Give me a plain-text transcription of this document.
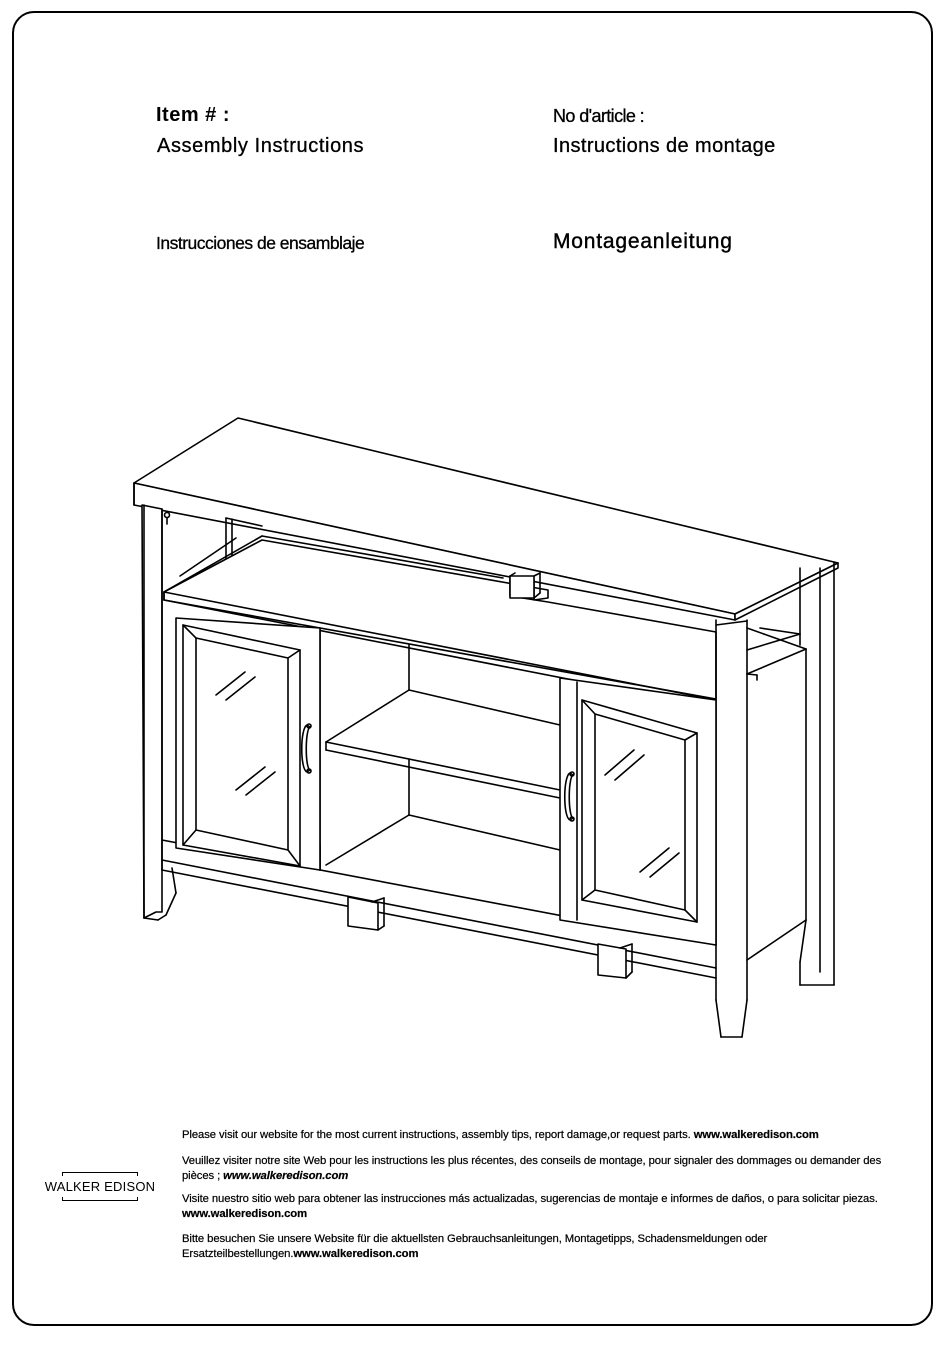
Item # :	No d'article :
Assembly Instructions	Instructions de montage
Instrucciones de ensamblaje	Montageanleitung
WALKER EDISON
Please visit our website for the most current instructions, assembly tips, report damage,or request parts. www.walkeredison.com
Veuillez visiter notre site Web pour les instructions les plus récentes, des conseils de montage, pour signaler des dommages ou demander des pièces ; www.walkeredison.com
Visite nuestro sitio web para obtener las instrucciones más actualizadas, sugerencias de montaje e informes de daños, o para solicitar piezas. www.walkeredison.com
Bitte besuchen Sie unsere Website für die aktuellsten Gebrauchsanleitungen, Montagetipps, Schadensmeldungen oder Ersatzteilbestellungen.www.walkeredison.com
